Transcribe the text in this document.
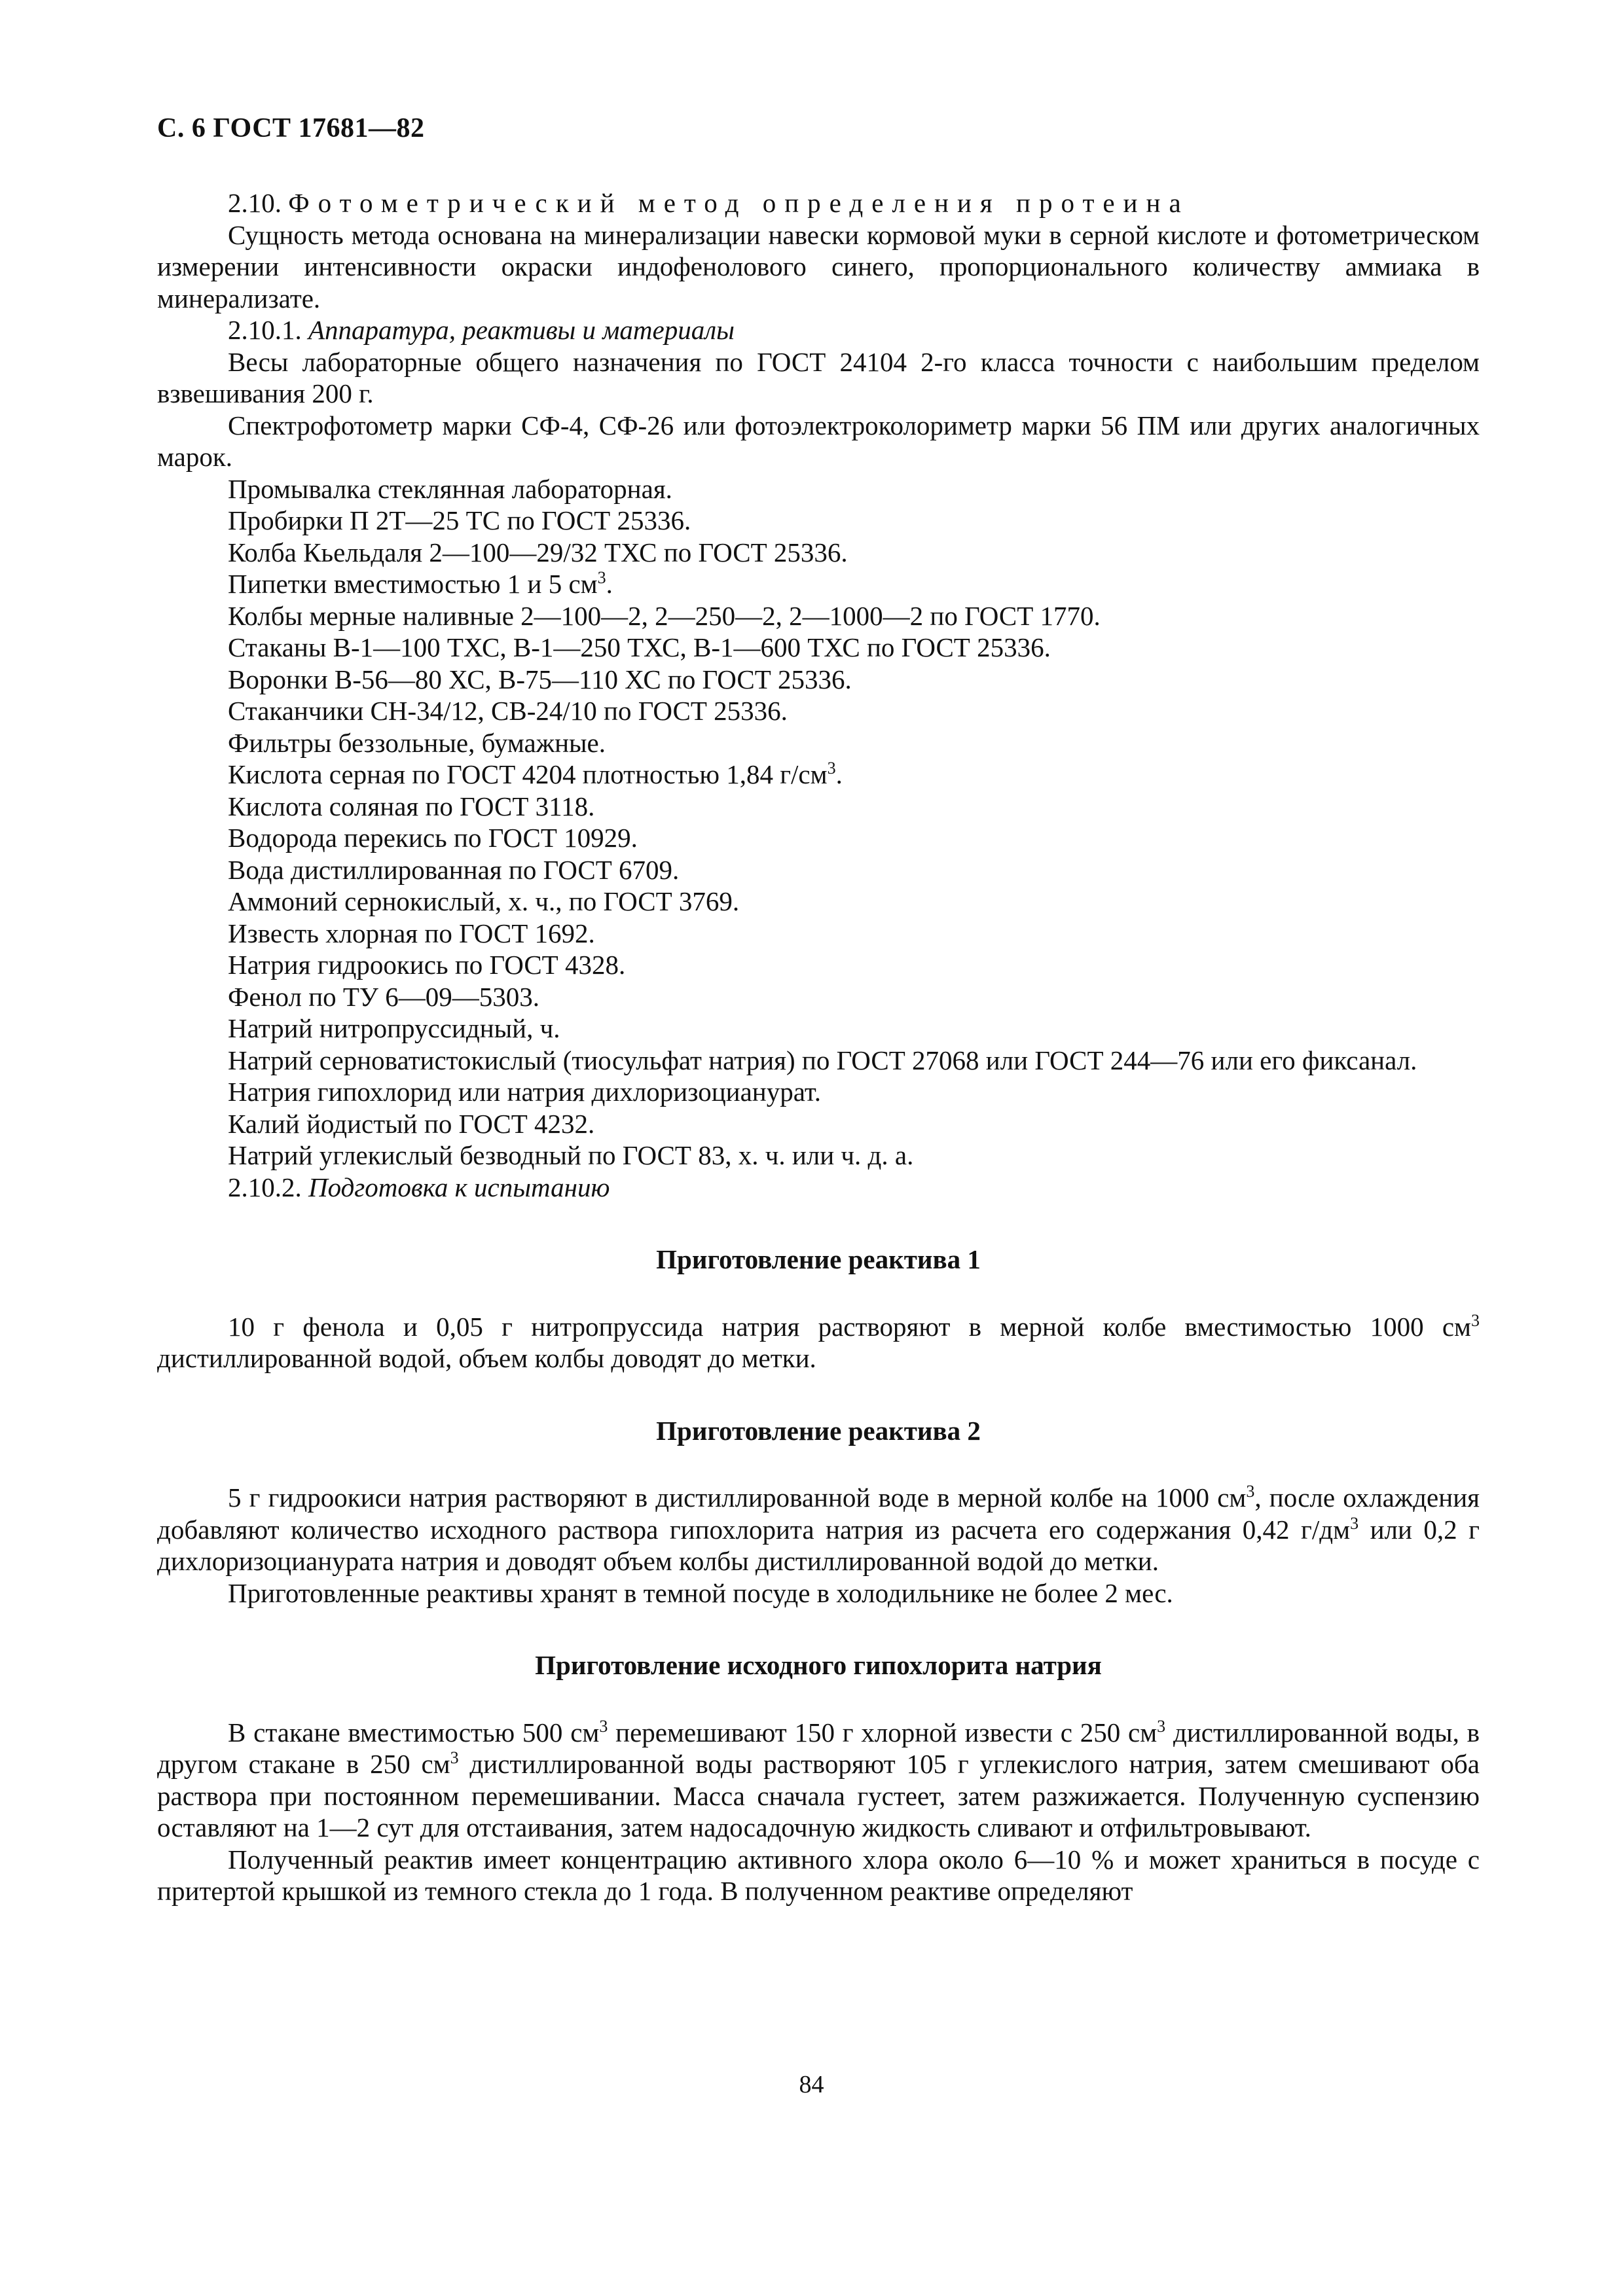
С. 6 ГОСТ 17681—82

2.10. Фотометрический метод определения протеина

Сущность метода основана на минерализации навески кормовой муки в серной кислоте и фотометрическом измерении интенсивности окраски индофенолового синего, пропорционального количеству аммиака в минерализате.

2.10.1. Аппаратура, реактивы и материалы

Весы лабораторные общего назначения по ГОСТ 24104 2-го класса точности с наибольшим пределом взвешивания 200 г.

Спектрофотометр марки СФ-4, СФ-26 или фотоэлектроколориметр марки 56 ПМ или других аналогичных марок.

Промывалка стеклянная лабораторная.

Пробирки П 2Т—25 ТС по ГОСТ 25336.

Колба Кьельдаля 2—100—29/32 ТХС по ГОСТ 25336.

Пипетки вместимостью 1 и 5 $см^3$.

Колбы мерные наливные 2—100—2, 2—250—2, 2—1000—2 по ГОСТ 1770.

Стаканы В-1—100 ТХС, В-1—250 ТХС, В-1—600 ТХС по ГОСТ 25336.

Воронки В-56—80 ХС, В-75—110 ХС по ГОСТ 25336.

Стаканчики СН-34/12, СВ-24/10 по ГОСТ 25336.

Фильтры беззольные, бумажные.

Кислота серная по ГОСТ 4204 плотностью 1,84 $г/см^3$.

Кислота соляная по ГОСТ 3118.

Водорода перекись по ГОСТ 10929.

Вода дистиллированная по ГОСТ 6709.

Аммоний сернокислый, х. ч., по ГОСТ 3769.

Известь хлорная по ГОСТ 1692.

Натрия гидроокись по ГОСТ 4328.

Фенол по ТУ 6—09—5303.

Натрий нитропруссидный, ч.

Натрий серноватистокислый (тиосульфат натрия) по ГОСТ 27068 или ГОСТ 244—76 или его фиксанал.

Натрия гипохлорид или натрия дихлоризоцианурат.

Калий йодистый по ГОСТ 4232.

Натрий углекислый безводный по ГОСТ 83, х. ч. или ч. д. а.

2.10.2. Подготовка к испытанию

Приготовление реактива 1

10 г фенола и 0,05 г нитропруссида натрия растворяют в мерной колбе вместимостью 1000 $см^3$ дистиллированной водой, объем колбы доводят до метки.

Приготовление реактива 2

5 г гидроокиси натрия растворяют в дистиллированной воде в мерной колбе на 1000 $см^3$, после охлаждения добавляют количество исходного раствора гипохлорита натрия из расчета его содержания 0,42 $г/дм^3$ или 0,2 г дихлоризоцианурата натрия и доводят объем колбы дистиллированной водой до метки.

Приготовленные реактивы хранят в темной посуде в холодильнике не более 2 мес.

Приготовление исходного гипохлорита натрия

В стакане вместимостью 500 $см^3$ перемешивают 150 г хлорной извести с 250 $см^3$ дистиллированной воды, в другом стакане в 250 $см^3$ дистиллированной воды растворяют 105 г углекислого натрия, затем смешивают оба раствора при постоянном перемешивании. Масса сначала густеет, затем разжижается. Полученную суспензию оставляют на 1—2 сут для отстаивания, затем надосадочную жидкость сливают и отфильтровывают.

Полученный реактив имеет концентрацию активного хлора около 6—10 % и может храниться в посуде с притертой крышкой из темного стекла до 1 года. В полученном реактиве определяют

84
